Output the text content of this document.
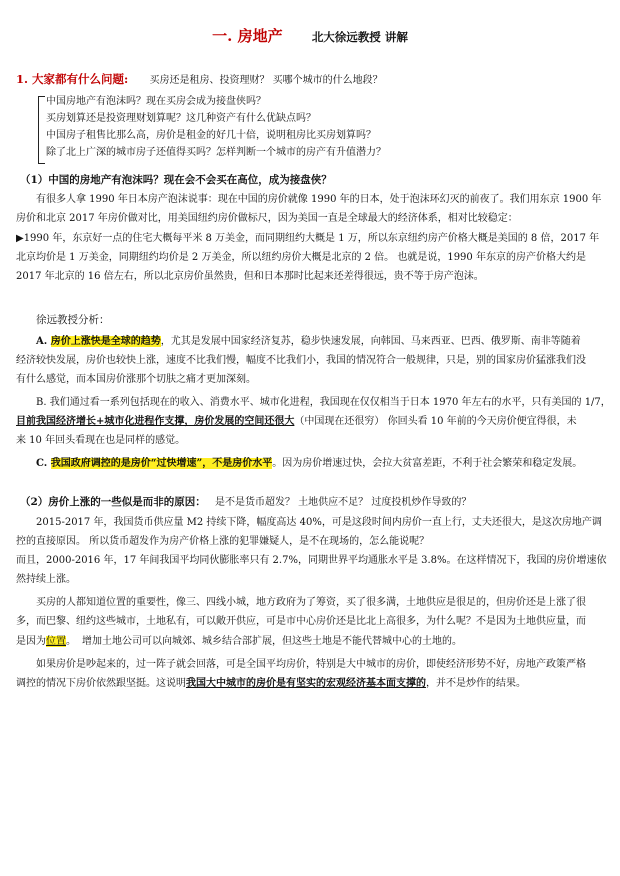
一. 房地产	北大徐远教授 讲解
1. 大家都有什么问题: 买房还是租房、投资理财？ 买哪个城市的什么地段？
中国房地产有泡沫吗？现在买房会成为接盘侠吗？
买房划算还是投资理财划算呢？这几种资产有什么优缺点吗？
中国房子租售比那么高，房价是租金的好几十倍，说明租房比买房划算吗？
除了北上广深的城市房子还值得买吗？怎样判断一个城市的房产有升值潜力？
（1）中国的房地产有泡沫吗？现在会不会买在高位，成为接盘侠？
有很多人拿 1990 年日本房产泡沫说事：现在中国的房价就像 1990 年的日本，处于泡沫环幻灭的前夜了。我们用东京 1900 年
房价和北京 2017 年房价做对比，用美国纽约房价做标尺，因为美国一直是全球最大的经济体系，相对比较稳定：
▶1990 年，东京好一点的住宅大概每平米 8 万美金，而同期纽约大概是 1 万，所以东京纽约房产价格大概是美国的 8 倍，2017 年
北京均价是 1 万美金，同期纽约均价是 2 万美金，所以纽约房价大概是北京的 2 倍。 也就是说，1990 年东京的房产价格大约是
2017 年北京的 16 倍左右，所以北京房价虽然贵，但和日本那时比起来还差得很远，贵不等于房产泡沫。
徐远教授分析：
A. 房价上涨快是全球的趋势，尤其是发展中国家经济复苏，稳步快速发展，向韩国、马来西亚、巴西、俄罗斯、南非等随着
经济较快发展，房价也较快上涨，速度不比我们慢，幅度不比我们小，我国的情况符合一般规律，只是，别的国家房价猛涨我们没
有什么感觉，而本国房价涨那个切肤之痛才更加深刻。
B. 我们通过看一系列包括现在的收入、消费水平、城市化进程，我国现在仅仅相当于日本 1970 年左右的水平，只有美国的 1/7，
目前我国经济增长+城市化进程作支撑，房价发展的空间还很大（中国现在还很穷） 你回头看 10 年前的今天房价便宜得很，未
来 10 年回头看现在也是同样的感觉。
C. 我国政府调控的是房价“过快增速”，不是房价水平。因为房价增速过快，会拉大贫富差距，不利于社会繁荣和稳定发展。
（2）房价上涨的一些似是而非的原因： 是不是货币超发？ 土地供应不足？ 过度投机炒作导致的？
2015-2017 年，我国货币供应量 M2 持续下降，幅度高达 40%，可是这段时间内房价一直上行，丈夫还很大，是这次房地产调
控的直接原因。 所以货币超发作为房产价格上涨的犯罪嫌疑人，是不在现场的，怎么能说呢？
而且，2000-2016 年，17 年间我国平均同伙膨胀率只有 2.7%，同期世界平均通胀水平是 3.8%。在这样情况下，我国的房价增速依
然持续上涨。
买房的人都知道位置的重要性，像三、四线小城，地方政府为了筹资，买了很多满，土地供应是很足的，但房价还是上涨了很
多，而巴黎、纽约这些城市，土地私有，可以敞开供应，可是市中心房价还是比北上高很多，为什么呢？不是因为土地供应量，而
是因为位置。 增加土地公司可以向城郊、城乡结合部扩展，但这些土地是不能代替城中心的土地的。
如果房价是吵起来的，过一阵子就会回落，可是全国平均房价，特别是大中城市的房价，即使经济形势不好，房地产政策严格
调控的情况下房价依然跟坚挺。这说明我国大中城市的房价是有坚实的宏观经济基本面支撑的，并不是炒作的结果。
